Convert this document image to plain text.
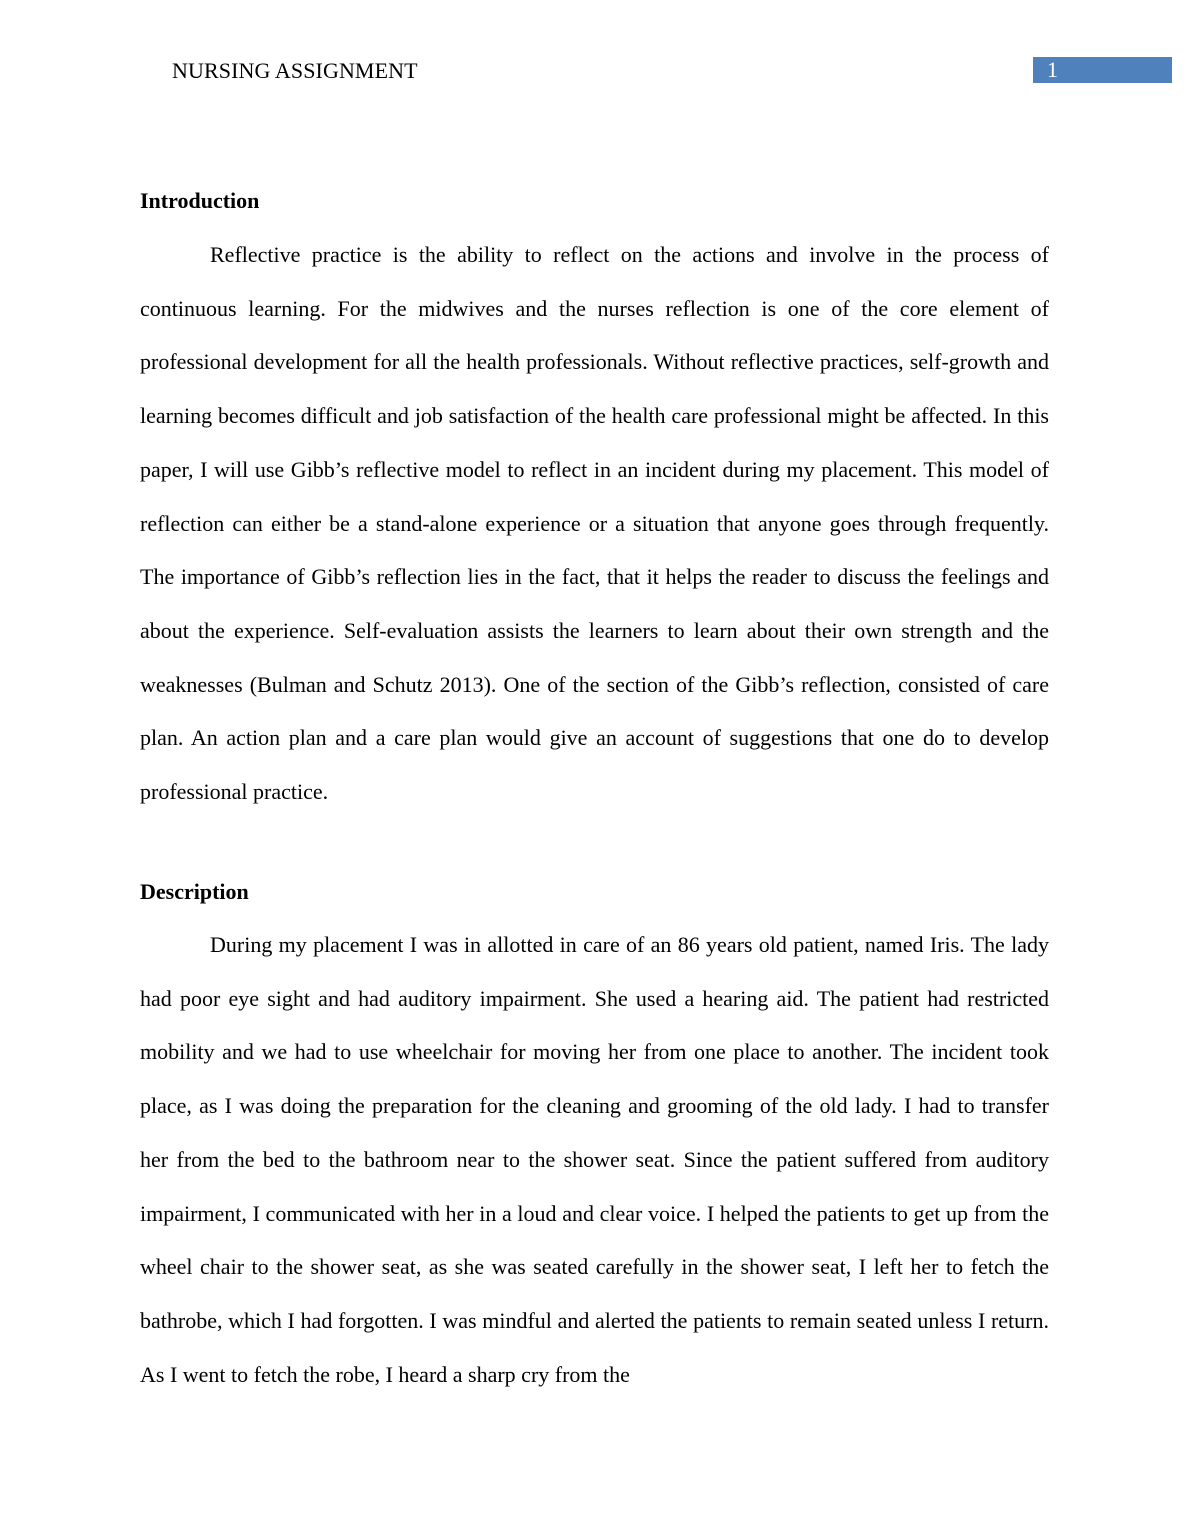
NURSING ASSIGNMENT	1
Introduction

Reflective practice is the ability to reflect on the actions and involve in the process of continuous learning. For the midwives and the nurses reflection is one of the core element of professional development for all the health professionals. Without reflective practices, self-growth and learning becomes difficult and job satisfaction of the health care professional might be affected. In this paper, I will use Gibb’s reflective model to reflect in an incident during my placement. This model of reflection can either be a stand-alone experience or a situation that anyone goes through frequently. The importance of Gibb’s reflection lies in the fact, that it helps the reader to discuss the feelings and about the experience. Self-evaluation assists the learners to learn about their own strength and the weaknesses (Bulman and Schutz 2013). One of the section of the Gibb’s reflection, consisted of care plan. An action plan and a care plan would give an account of suggestions that one do to develop professional practice.

Description

During my placement I was in allotted in care of an 86 years old patient, named Iris. The lady had poor eye sight and had auditory impairment. She used a hearing aid. The patient had restricted mobility and we had to use wheelchair for moving her from one place to another. The incident took place, as I was doing the preparation for the cleaning and grooming of the old lady. I had to transfer her from the bed to the bathroom near to the shower seat. Since the patient suffered from auditory impairment, I communicated with her in a loud and clear voice. I helped the patients to get up from the wheel chair to the shower seat, as she was seated carefully in the shower seat, I left her to fetch the bathrobe, which I had forgotten. I was mindful and alerted the patients to remain seated unless I return. As I went to fetch the robe, I heard a sharp cry from the
